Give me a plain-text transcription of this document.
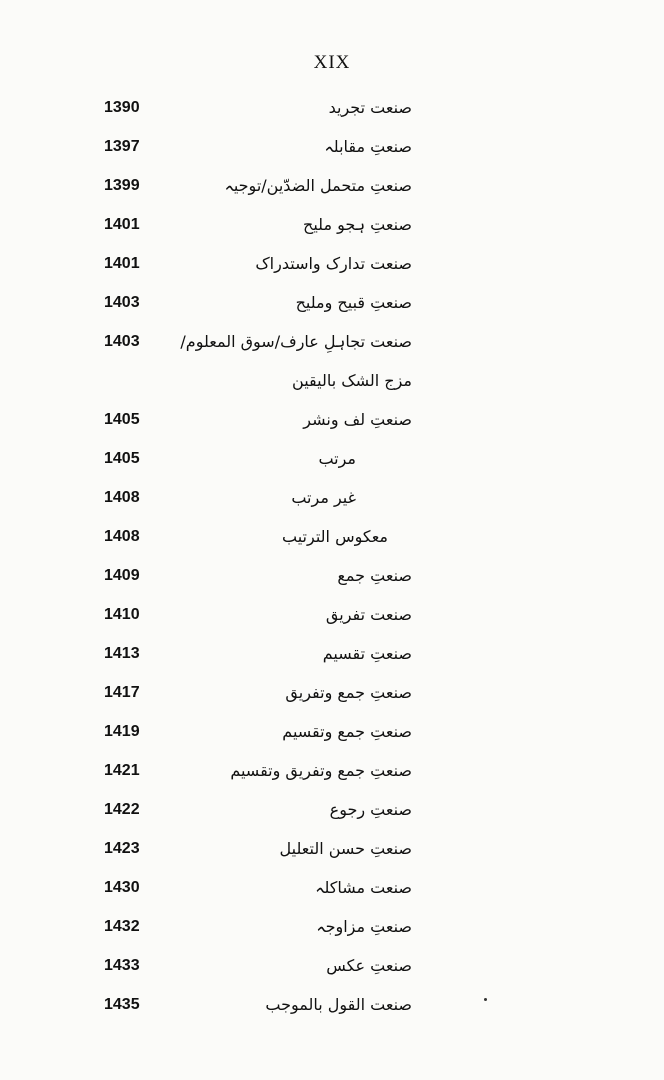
XIX
1390	صنعت تجرید
1397	صنعتِ مقابلہ
1399	صنعتِ متحمل الضدّین/توجیہ
1401	صنعتِ ہجو ملیح
1401	صنعت تدارک واستدراک
1403	صنعتِ قبیح وملیح
1403	صنعت تجاہلِ عارف/سوق المعلوم/
مزج الشک بالیقین
1405	صنعتِ لف ونشر
1405	مرتب
1408	غیر مرتب
1408	معکوس الترتیب
1409	صنعتِ جمع
1410	صنعت تفریق
1413	صنعتِ تقسیم
1417	صنعتِ جمع وتفریق
1419	صنعتِ جمع وتقسیم
1421	صنعتِ جمع وتفریق وتقسیم
1422	صنعتِ رجوع
1423	صنعتِ حسن التعلیل
1430	صنعت مشاکلہ
1432	صنعتِ مزاوجہ
1433	صنعتِ عکس
1435	صنعت القول بالموجب
